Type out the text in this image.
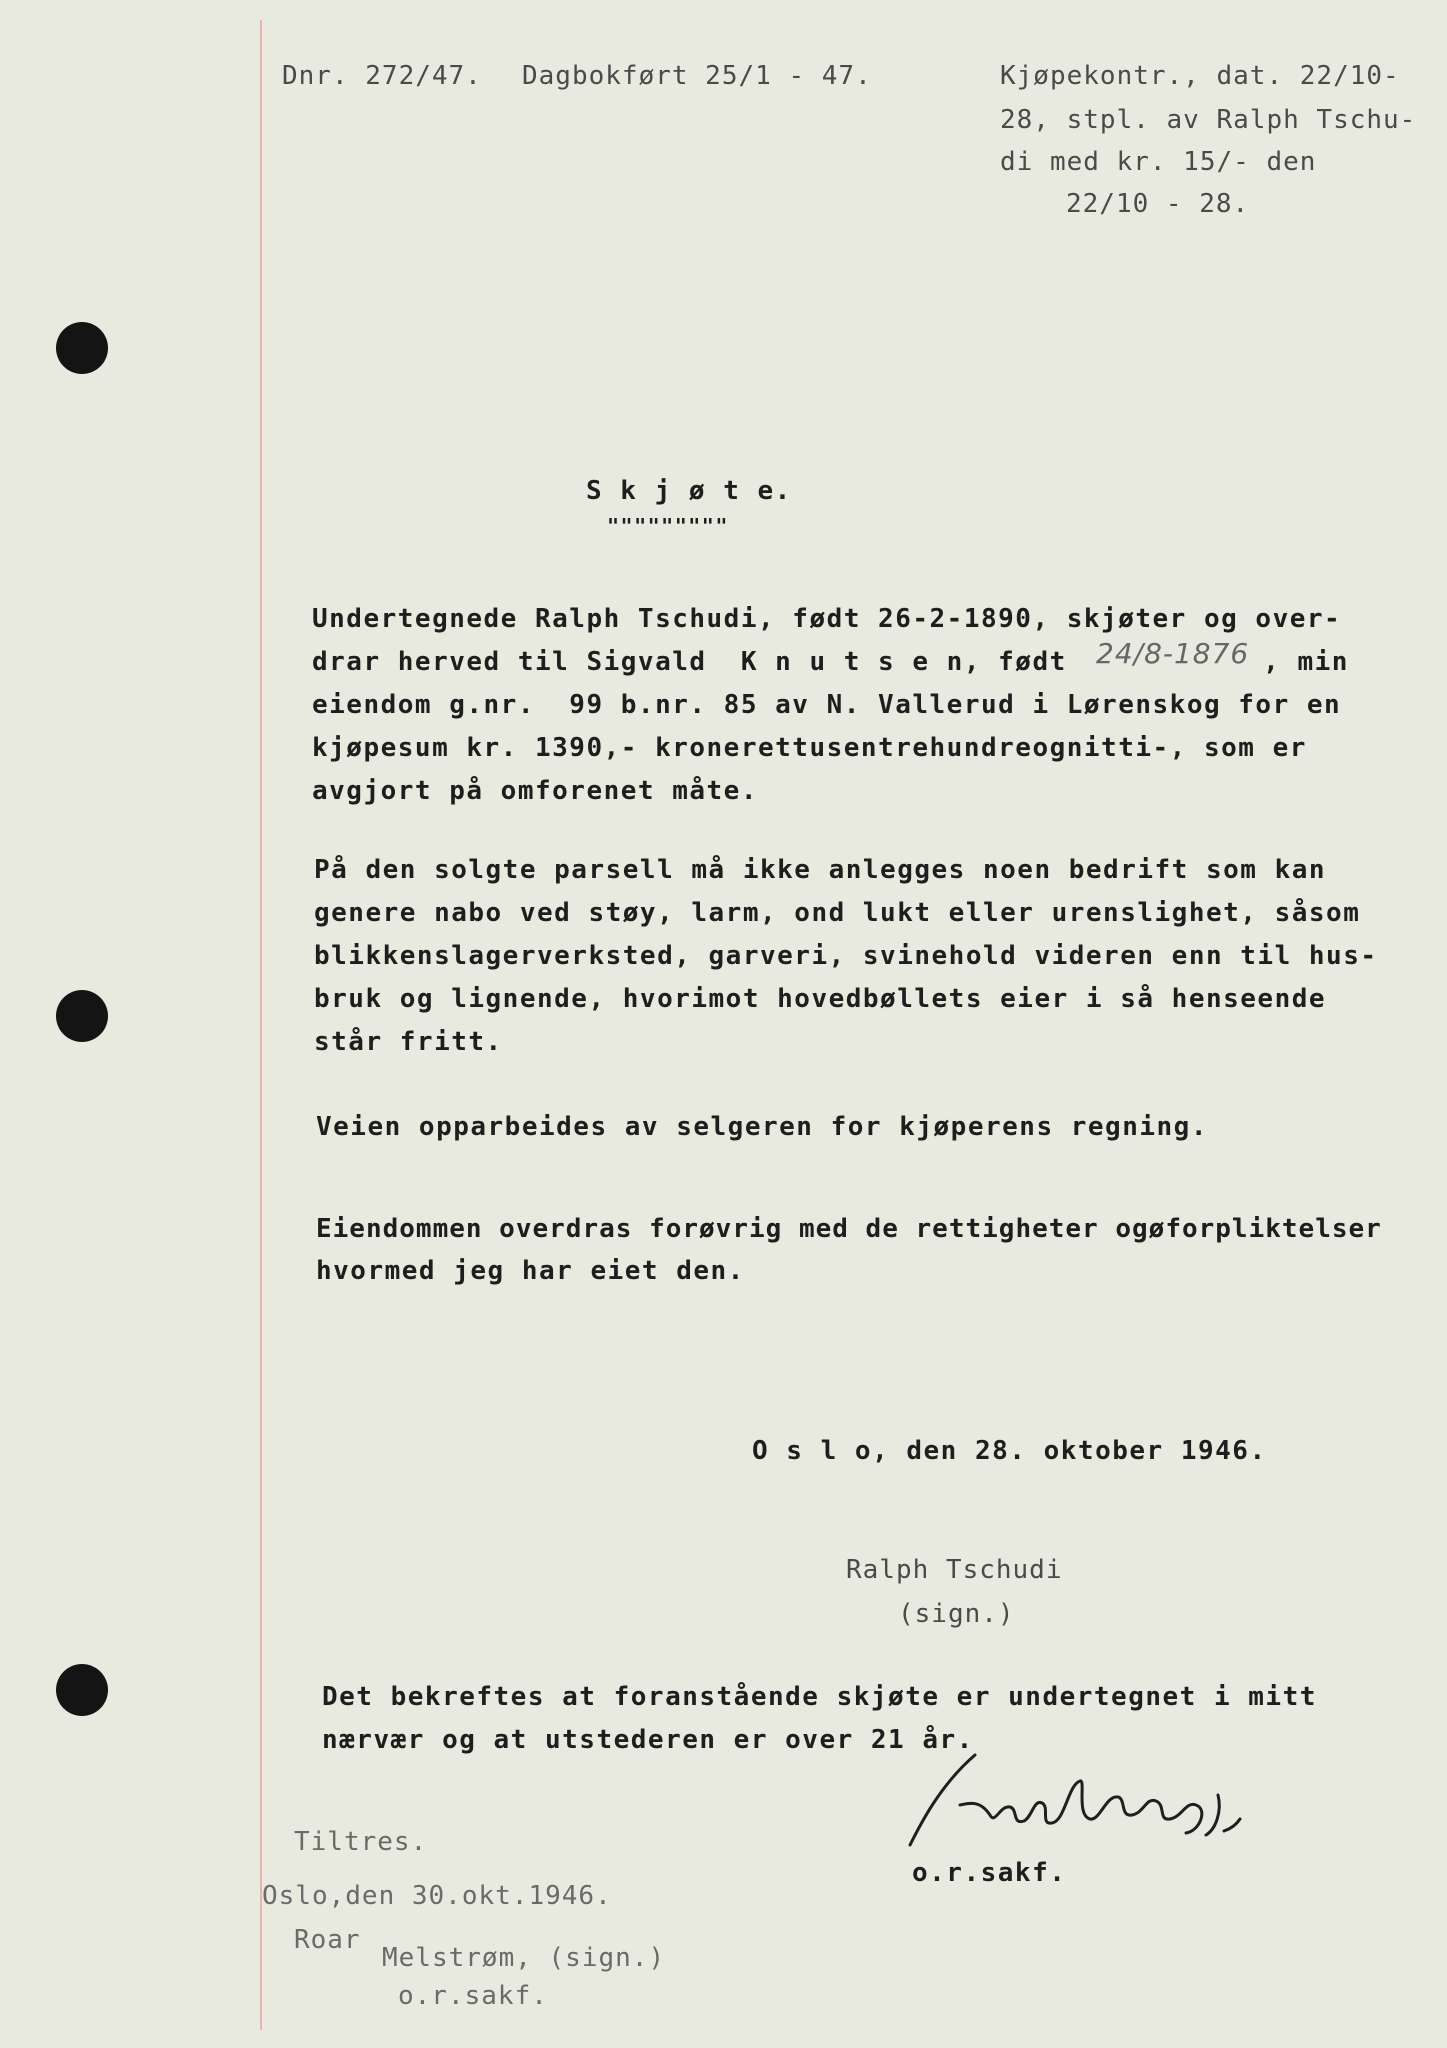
Dnr. 272/47. Dagbokført 25/1 - 47.	Kjøpekontr., dat. 22/10-
28, stpl. av Ralph Tschu-
di med kr. 15/- den
22/10 - 28.
S k j ø t e.
"""""""""
Undertegnede Ralph Tschudi, født 26-2-1890, skjøter og over-
drar herved til Sigvald  K n u t s e n, født 24/8-1876
, min
eiendom g.nr.  99 b.nr. 85 av N. Vallerud i Lørenskog for en
kjøpesum kr. 1390,- kronerettusentrehundreognitti-, som er
avgjort på omforenet måte.
På den solgte parsell må ikke anlegges noen bedrift som kan
genere nabo ved støy, larm, ond lukt eller urenslighet, såsom
blikkenslagerverksted, garveri, svinehold videren enn til hus-
bruk og lignende, hvorimot hovedbøllets eier i så henseende
står fritt.
Veien opparbeides av selgeren for kjøperens regning.
Eiendommen overdras forøvrig med de rettigheter ogøforpliktelser
hvormed jeg har eiet den.
O s l o, den 28. oktober 1946.
Ralph Tschudi
(sign.)
Det bekreftes at foranstående skjøte er undertegnet i mitt
nærvær og at utstederen er over 21 år.
o.r.sakf.
Tiltres.
Oslo,den 30.okt.1946.
Roar
Melstrøm, (sign.)
o.r.sakf.
